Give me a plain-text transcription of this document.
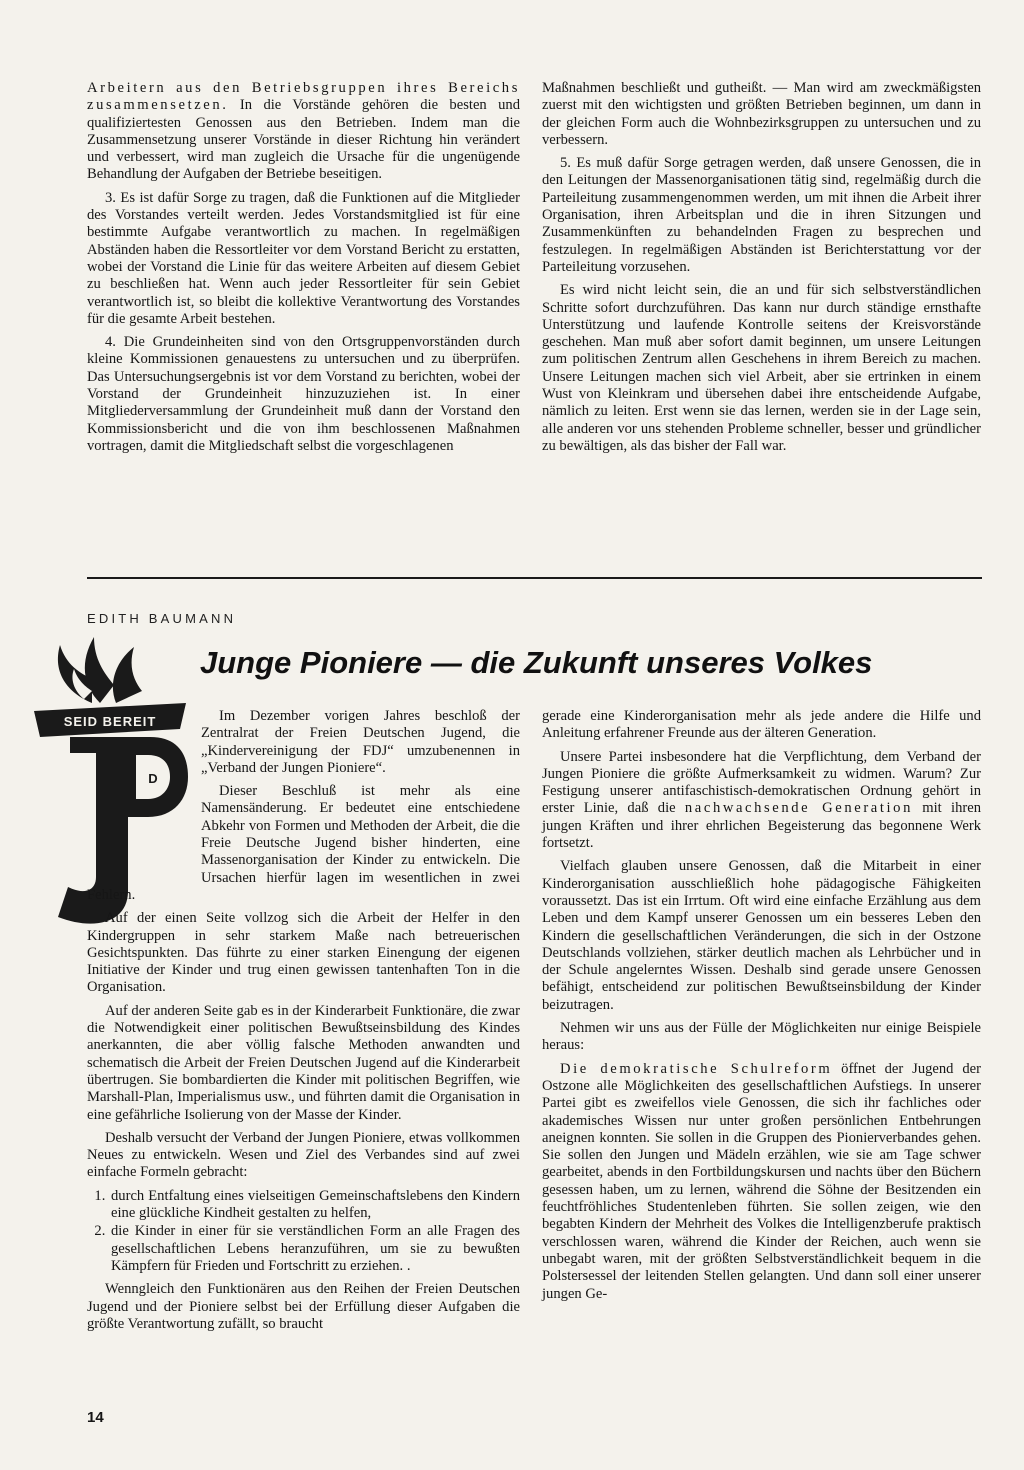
Arbeitern aus den Betriebsgruppen ihres Bereichs zusammensetzen. In die Vorstände gehören die besten und qualifiziertesten Genossen aus den Betrieben. Indem man die Zusammensetzung unserer Vorstände in dieser Richtung hin verändert und verbessert, wird man zugleich die Ursache für die ungenügende Behandlung der Aufgaben der Betriebe beseitigen.

3. Es ist dafür Sorge zu tragen, daß die Funktionen auf die Mitglieder des Vorstandes verteilt werden. Jedes Vorstandsmitglied ist für eine bestimmte Aufgabe verantwortlich zu machen. In regelmäßigen Abständen haben die Ressortleiter vor dem Vorstand Bericht zu erstatten, wobei der Vorstand die Linie für das weitere Arbeiten auf diesem Gebiet zu beschließen hat. Wenn auch jeder Ressortleiter für sein Gebiet verantwortlich ist, so bleibt die kollektive Verantwortung des Vorstandes für die gesamte Arbeit bestehen.

4. Die Grundeinheiten sind von den Ortsgruppenvorständen durch kleine Kommissionen genauestens zu untersuchen und zu überprüfen. Das Untersuchungsergebnis ist vor dem Vorstand zu berichten, wobei der Vorstand der Grundeinheit hinzuzuziehen ist. In einer Mitgliederversammlung der Grundeinheit muß dann der Vorstand den Kommissionsbericht und die von ihm beschlossenen Maßnahmen vortragen, damit die Mitgliedschaft selbst die vorgeschlagenen

Maßnahmen beschließt und gutheißt. — Man wird am zweckmäßigsten zuerst mit den wichtigsten und größten Betrieben beginnen, um dann in der gleichen Form auch die Wohnbezirksgruppen zu untersuchen und zu verbessern.

5. Es muß dafür Sorge getragen werden, daß unsere Genossen, die in den Leitungen der Massenorganisationen tätig sind, regelmäßig durch die Parteileitung zusammengenommen werden, um mit ihnen die Arbeit ihrer Organisation, ihren Arbeitsplan und die in ihren Sitzungen und Zusammenkünften zu behandelnden Fragen zu besprechen und festzulegen. In regelmäßigen Abständen ist Berichterstattung vor der Parteileitung vorzusehen.

Es wird nicht leicht sein, die an und für sich selbstverständlichen Schritte sofort durchzuführen. Das kann nur durch ständige ernsthafte Unterstützung und laufende Kontrolle seitens der Kreisvorstände geschehen. Man muß aber sofort damit beginnen, um unsere Leitungen zum politischen Zentrum allen Geschehens in ihrem Bereich zu machen. Unsere Leitungen machen sich viel Arbeit, aber sie ertrinken in einem Wust von Kleinkram und übersehen dabei ihre entscheidende Aufgabe, nämlich zu leiten. Erst wenn sie das lernen, werden sie in der Lage sein, alle anderen vor uns stehenden Probleme schneller, besser und gründlicher zu bewältigen, als das bisher der Fall war.

EDITH BAUMANN
Junge Pioniere — die Zukunft unseres Volkes
SEID BEREIT
D

Im Dezember vorigen Jahres beschloß der Zentralrat der Freien Deutschen Jugend, die „Kindervereinigung der FDJ“ umzubenennen in „Verband der Jungen Pioniere“.

Dieser Beschluß ist mehr als eine Namensänderung. Er bedeutet eine entschiedene Abkehr von Formen und Methoden der Arbeit, die die Freie Deutsche Jugend bisher hinderten, eine Massenorganisation der Kinder zu entwickeln. Die Ursachen hierfür lagen im wesentlichen in zwei Fehlern.

Auf der einen Seite vollzog sich die Arbeit der Helfer in den Kindergruppen in sehr starkem Maße nach betreuerischen Gesichtspunkten. Das führte zu einer starken Einengung der eigenen Initiative der Kinder und trug einen gewissen tantenhaften Ton in die Organisation.

Auf der anderen Seite gab es in der Kinderarbeit Funktionäre, die zwar die Notwendigkeit einer politischen Bewußtseinsbildung des Kindes anerkannten, die aber völlig falsche Methoden anwandten und schematisch die Arbeit der Freien Deutschen Jugend auf die Kinderarbeit übertrugen. Sie bombardierten die Kinder mit politischen Begriffen, wie Marshall-Plan, Imperialismus usw., und führten damit die Organisation in eine gefährliche Isolierung von der Masse der Kinder.

Deshalb versucht der Verband der Jungen Pioniere, etwas vollkommen Neues zu entwickeln. Wesen und Ziel des Verbandes sind auf zwei einfache Formeln gebracht:

1. durch Entfaltung eines vielseitigen Gemeinschaftslebens den Kindern eine glückliche Kindheit gestalten zu helfen,
2. die Kinder in einer für sie verständlichen Form an alle Fragen des gesellschaftlichen Lebens heranzuführen, um sie zu bewußten Kämpfern für Frieden und Fortschritt zu erziehen. .

Wenngleich den Funktionären aus den Reihen der Freien Deutschen Jugend und der Pioniere selbst bei der Erfüllung dieser Aufgaben die größte Verantwortung zufällt, so braucht

gerade eine Kinderorganisation mehr als jede andere die Hilfe und Anleitung erfahrener Freunde aus der älteren Generation.

Unsere Partei insbesondere hat die Verpflichtung, dem Verband der Jungen Pioniere die größte Aufmerksamkeit zu widmen. Warum? Zur Festigung unserer antifaschistisch-demokratischen Ordnung gehört in erster Linie, daß die nachwachsende Generation mit ihren jungen Kräften und ihrer ehrlichen Begeisterung das begonnene Werk fortsetzt.

Vielfach glauben unsere Genossen, daß die Mitarbeit in einer Kinderorganisation ausschließlich hohe pädagogische Fähigkeiten voraussetzt. Das ist ein Irrtum. Oft wird eine einfache Erzählung aus dem Leben und dem Kampf unserer Genossen um ein besseres Leben den Kindern die gesellschaftlichen Veränderungen, die sich in der Ostzone Deutschlands vollziehen, stärker deutlich machen als Lehrbücher und in der Schule angelerntes Wissen. Deshalb sind gerade unsere Genossen befähigt, entscheidend zur politischen Bewußtseinsbildung der Kinder beizutragen.

Nehmen wir uns aus der Fülle der Möglichkeiten nur einige Beispiele heraus:

Die demokratische Schulreform öffnet der Jugend der Ostzone alle Möglichkeiten des gesellschaftlichen Aufstiegs. In unserer Partei gibt es zweifellos viele Genossen, die sich ihr fachliches oder akademisches Wissen nur unter großen persönlichen Entbehrungen aneignen konnten. Sie sollen in die Gruppen des Pionierverbandes gehen. Sie sollen den Jungen und Mädeln erzählen, wie sie am Tage schwer gearbeitet, abends in den Fortbildungskursen und nachts über den Büchern gesessen haben, um zu lernen, während die Söhne der Besitzenden ein feuchtfröhliches Studentenleben führten. Sie sollen zeigen, wie den begabten Kindern der Mehrheit des Volkes die Intelligenzberufe praktisch verschlossen waren, während die Kinder der Reichen, auch wenn sie unbegabt waren, mit der größten Selbstverständlichkeit bequem in die Polstersessel der leitenden Stellen gelangten. Und dann soll einer unserer jungen Ge-

14
